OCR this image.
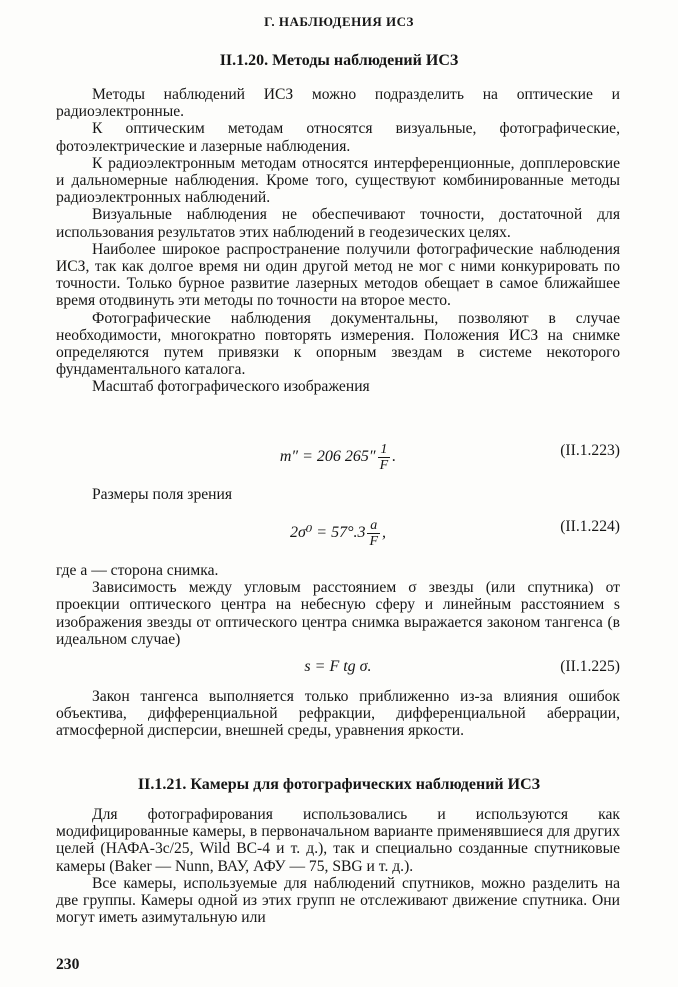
Г. НАБЛЮДЕНИЯ ИСЗ
II.1.20. Методы наблюдений ИСЗ

Методы наблюдений ИСЗ можно подразделить на оптические и радиоэлектронные.

К оптическим методам относятся визуальные, фотографические, фотоэлектрические и лазерные наблюдения.

К радиоэлектронным методам относятся интерференционные, допплеровские и дальномерные наблюдения. Кроме того, существуют комбинированные методы радиоэлектронных наблюдений.

Визуальные наблюдения не обеспечивают точности, достаточной для использования результатов этих наблюдений в геодезических целях.

Наиболее широкое распространение получили фотографические наблюдения ИСЗ, так как долгое время ни один другой метод не мог с ними конкурировать по точности. Только бурное развитие лазерных методов обещает в самое ближайшее время отодвинуть эти методы по точности на второе место.

Фотографические наблюдения документальны, позволяют в случае необходимости, многократно повторять измерения. Положения ИСЗ на снимке определяются путем привязки к опорным звездам в системе некоторого фундаментального каталога.

Масштаб фотографического изображения

m″ = 206 $265'' \frac{1}{F}$ .	(II.1.223)

Размеры поля зрения

$2\sigma^0 = 57^\circ.3 \frac{a}{F}$ ,	(II.1.224)

где a — сторона снимка.

Зависимость между угловым расстоянием σ звезды (или спутника) от проекции оптического центра на небесную сферу и линейным расстоянием s изображения звезды от оптического центра снимка выражается законом тангенса (в идеальном случае)

s = F tg σ.	(II.1.225)

Закон тангенса выполняется только приближенно из-за влияния ошибок объектива, дифференциальной рефракции, дифференциальной аберрации, атмосферной дисперсии, внешней среды, уравнения яркости.

II.1.21. Камеры для фотографических наблюдений ИСЗ

Для фотографирования использовались и используются как модифицированные камеры, в первоначальном варианте применявшиеся для других целей (НАФА-3с/25, Wild BC-4 и т. д.), так и специально созданные спутниковые камеры (Baker — Nunn, ВАУ, АФУ — 75, SBG и т. д.).

Все камеры, используемые для наблюдений спутников, можно разделить на две группы. Камеры одной из этих групп не отслеживают движение спутника. Они могут иметь азимутальную или

230
